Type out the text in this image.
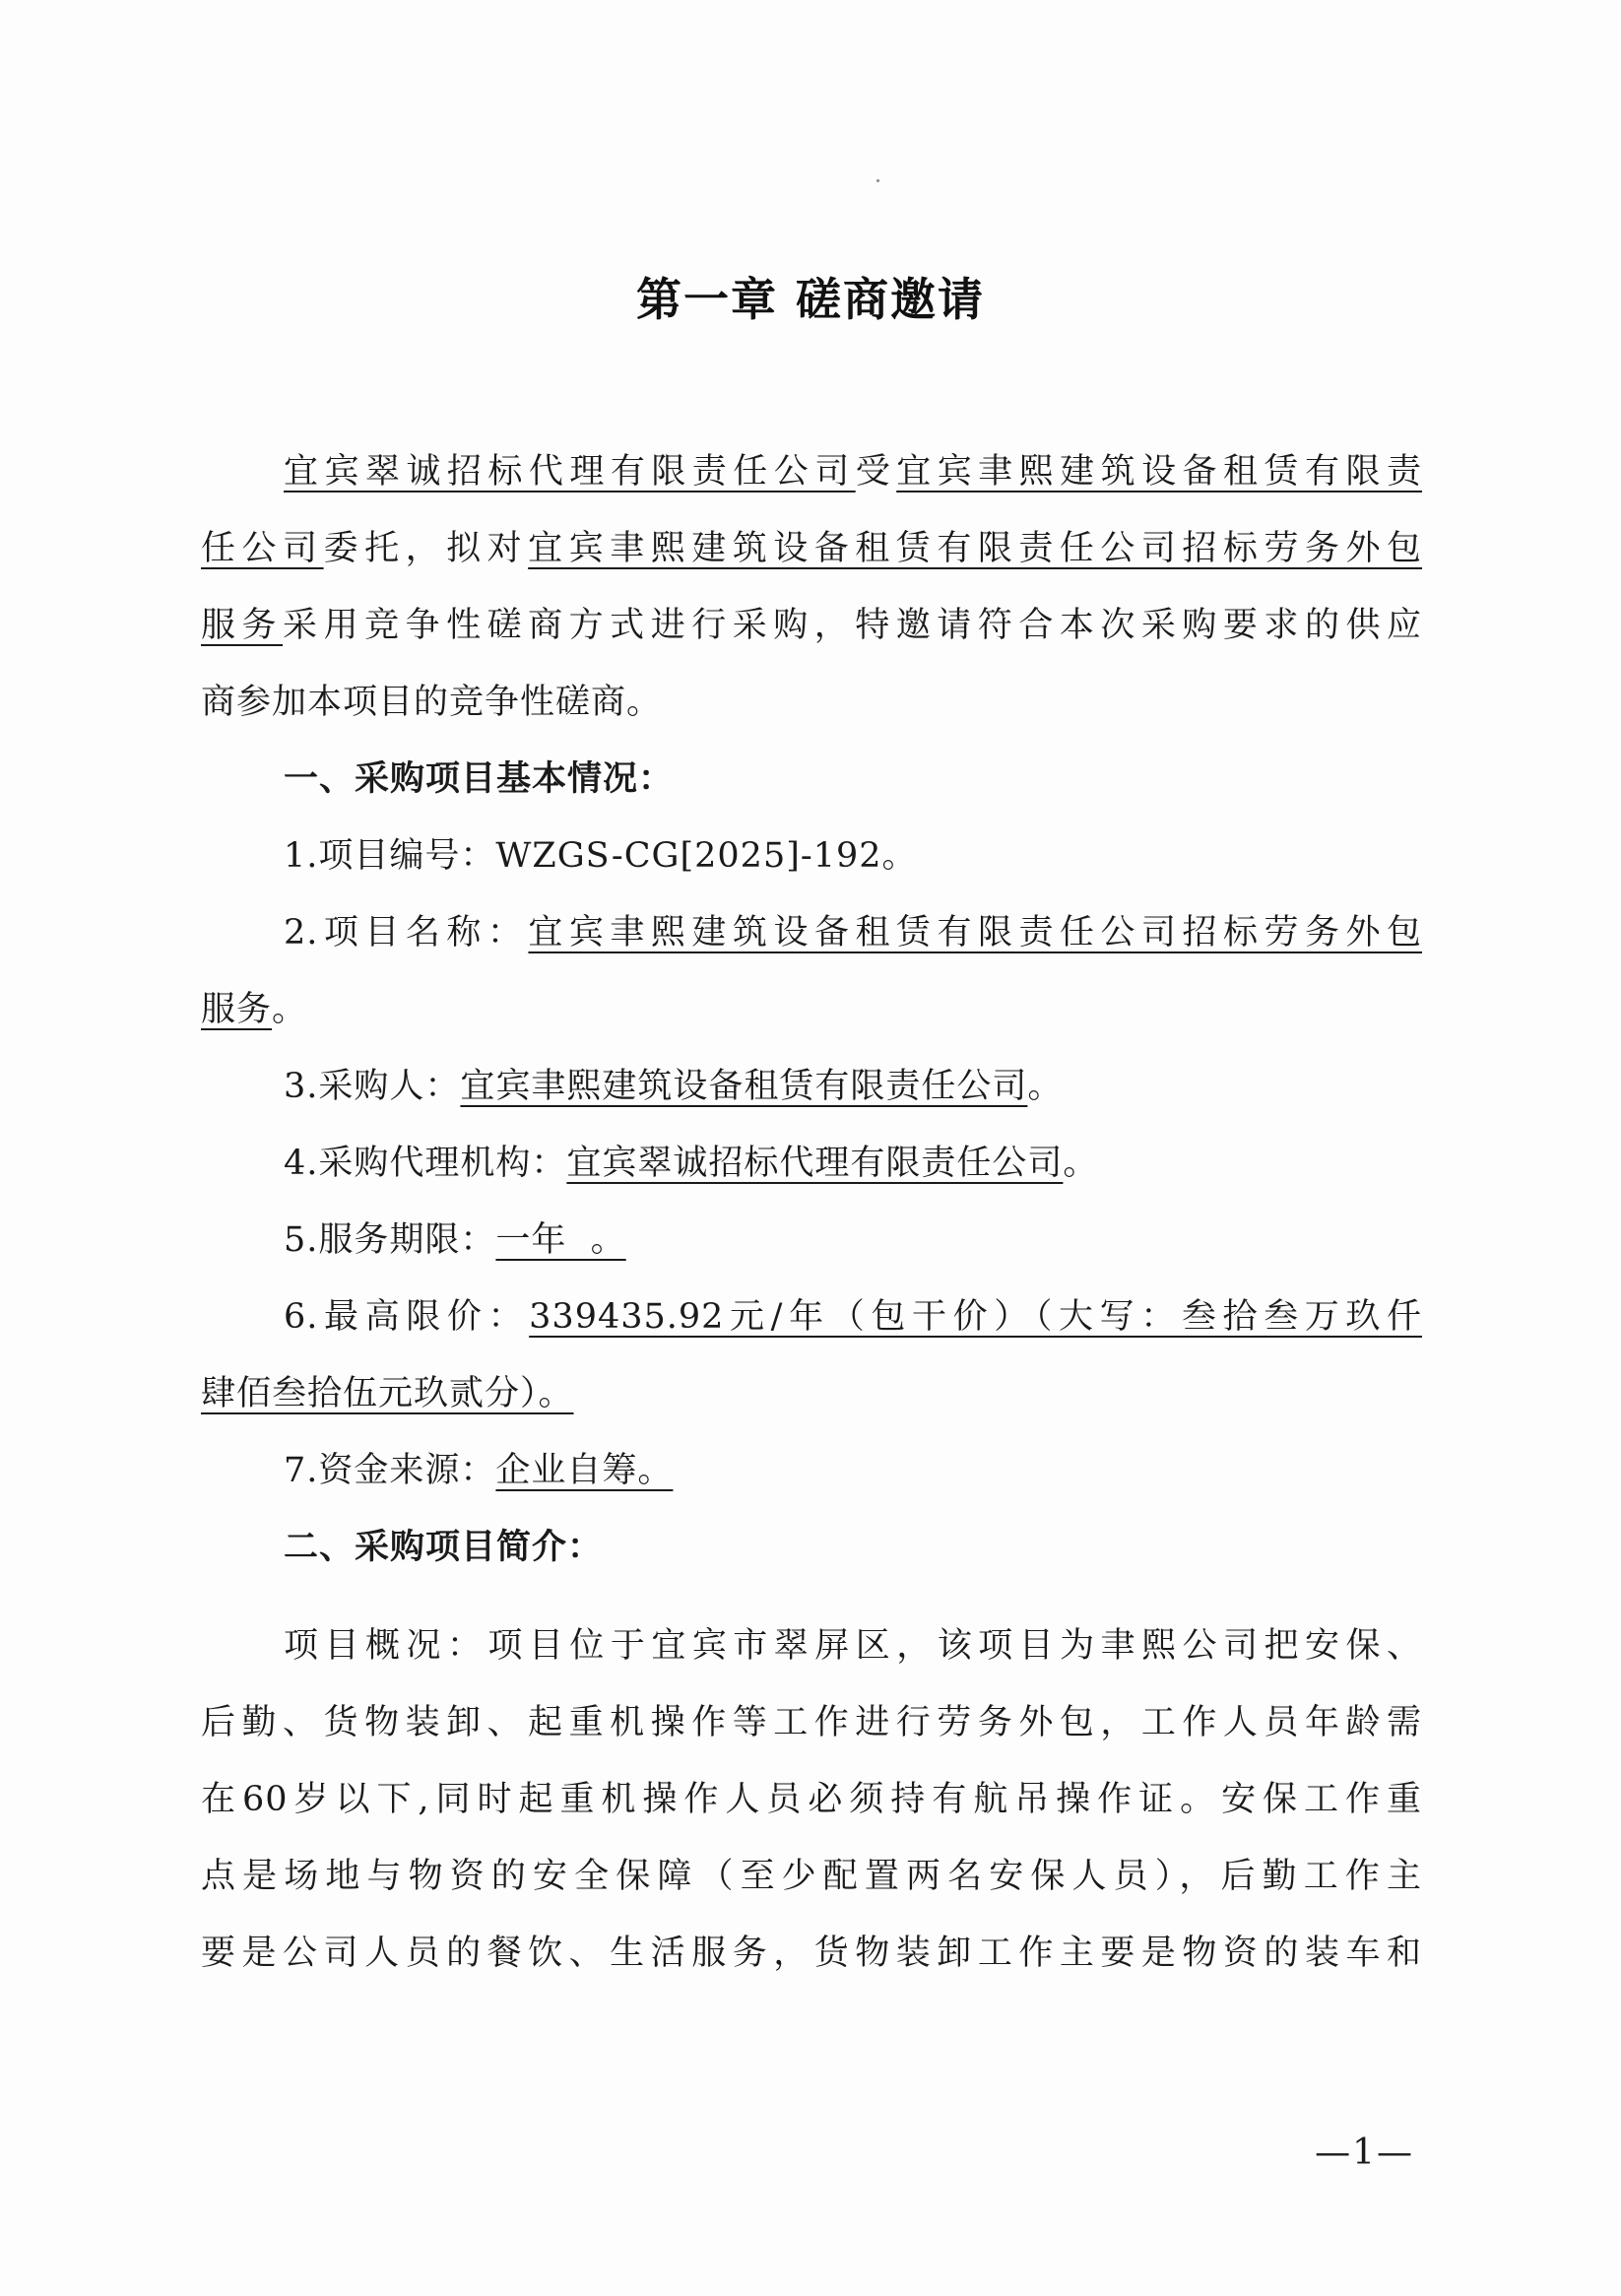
第一章 磋商邀请
宜宾翠诚招标代理有限责任公司受宜宾聿熙建筑设备租赁有限责
任公司委托，拟对宜宾聿熙建筑设备租赁有限责任公司招标劳务外包
服务采用竞争性磋商方式进行采购，特邀请符合本次采购要求的供应
商参加本项目的竞争性磋商。
一、采购项目基本情况：
1.项目编号：WZGS-CG[2025]-192。
2.项目名称：宜宾聿熙建筑设备租赁有限责任公司招标劳务外包
服务。
3.采购人：宜宾聿熙建筑设备租赁有限责任公司。
4.采购代理机构：宜宾翠诚招标代理有限责任公司。
5.服务期限：一年  。
6.最高限价：339435.92元/年（包干价）（大写：叁拾叁万玖仟
肆佰叁拾伍元玖贰分）。
7.资金来源：企业自筹。
二、采购项目简介：
项目概况：项目位于宜宾市翠屏区，该项目为聿熙公司把安保、
后勤、货物装卸、起重机操作等工作进行劳务外包，工作人员年龄需
在60岁以下,同时起重机操作人员必须持有航吊操作证。安保工作重
点是场地与物资的安全保障（至少配置两名安保人员），后勤工作主
要是公司人员的餐饮、生活服务，货物装卸工作主要是物资的装车和
—1—
